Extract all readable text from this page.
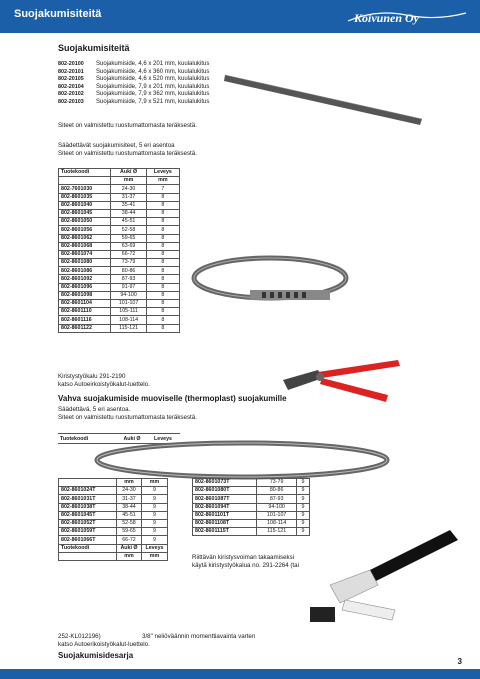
Suojakumisiteitä	Koivunen Oy
Suojakumisiteitä
802-20100	Suojakumiside, 4,6 x 201 mm, kuulalukitus
802-20101	Suojakumiside, 4,6 x 360 mm, kuulalukitus
802-20105	Suojakumiside, 4,6 x 520 mm, kuulalukitus
802-20104	Suojakumiside, 7,9 x 201 mm, kuulalukitus
802-20102	Suojakumiside, 7,9 x 362 mm, kuulalukitus
802-20103	Suojakumiside, 7,9 x 521 mm, kuulalukitus
Siteet on valmistettu ruostumattomasta teräksestä.
Säädettävät suojakumisiteet, 5 eri asentoa
Siteet on valmistettu ruostumattomasta teräksestä.
Tuotekoodi	Auki Ø	Leveys
	mm	mm
802-7601030	24-30	7
802-8601035	31-37	8
802-8601040	35-41	8
802-8601045	38-44	8
802-8601050	45-51	8
802-8601056	52-58	8
802-8601062	59-65	8
802-8601068	63-69	8
802-8601074	66-72	8
802-8601080	73-79	8
802-8601086	80-86	8
802-8601092	87-93	8
802-8601096	91-97	8
802-8601098	94-100	8
802-8601104	101-107	8
802-8601110	105-111	8
802-8601116	108-114	8
802-8601122	115-121	8
Kiristystyökalu 291-2190
katso Autoeirkoistyökalut-luettelo.
Vahva suojakumiside muoviselle (thermoplast) suojakumille
Säädettävä, 5 eri asentoa.
Siteet on valmistettu ruostumattomasta teräksestä.
Tuotekoodi	Auki Ø	Leveys
	mm	mm
802-8601024T	24-30	9
802-8601031T	31-37	9
802-8601038T	38-44	9
802-8601045T	45-51	9
802-8601052T	52-58	9
802-8601059T	59-65	9
802-8601066T	66-72	9
Tuotekoodi	Auki Ø	Leveys
	mm	mm
802-8601073T	73-79	9
802-8601080T	80-86	9
802-8601087T	87-93	9
802-8601094T	94-100	9
802-8601101T	101-107	9
802-8601108T	108-114	9
802-8601115T	115-121	9
Riittävän kiristysvoiman takaamiseksi
käytä kiristystyökalua no. 291-2264 (tai
252-KL012196)	3/8" neliöväännin momenttiavainta varten
katso Autoerikoistyökalut-luettelo.
Suojakumisidesarja
3
